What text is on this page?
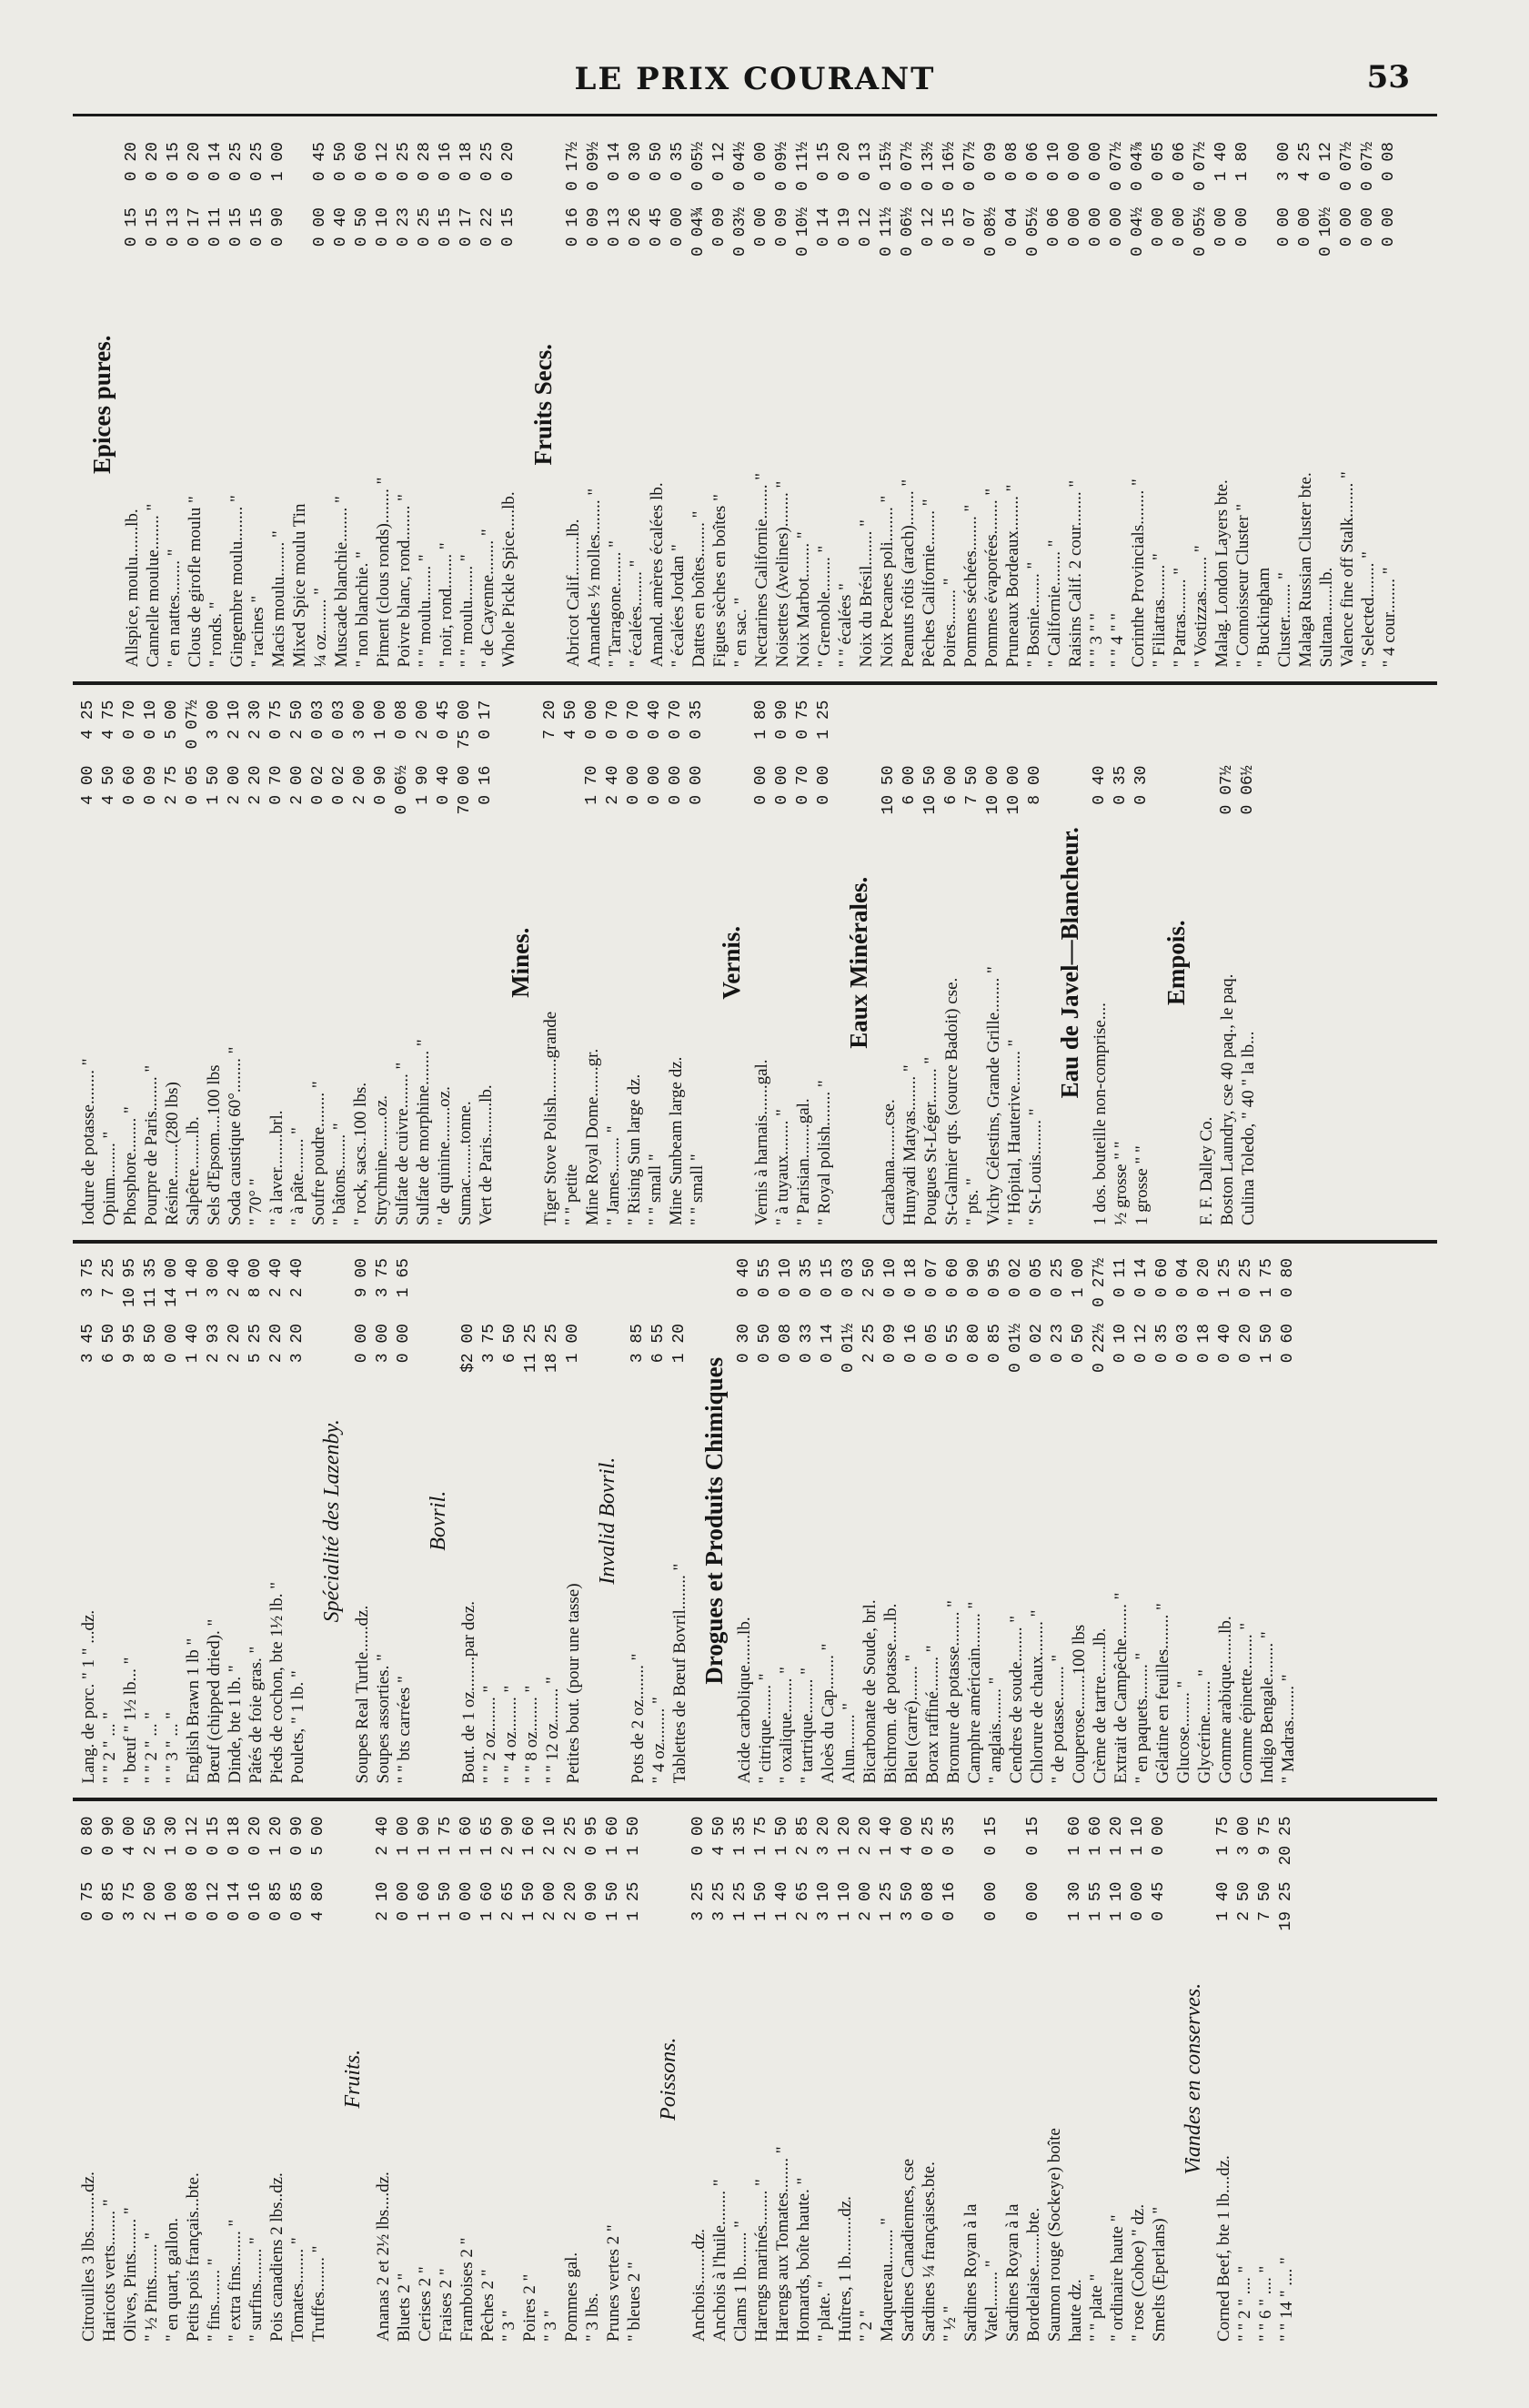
LE PRIX COURANT	53
Citrouilles 3 lbs.........dz.
0 75
0 80
Haricots verts........ "
0 85
0 90
Olives, Pints........ "
3 75
4 00
" ½ Pints........ "
2 00
2 50
" en quart, gallon.
1 00
1 30
Petits pois français...bte.
0 08
0 12
" fins........ "
0 12
0 15
" extra fins........ "
0 14
0 18
" surfins........ "
0 16
0 20
Pois canadiens 2 lbs..dz.
0 85
1 20
Tomates........ "
0 85
0 90
Truffes........ "
4 80
5 00
Fruits.
Ananas 2 et 2½ lbs....dz.
2 10
2 40
Bluets 2 "
0 00
1 00
Cerises 2 "
1 60
1 90
Fraises 2 "
1 50
1 75
Framboises 2 "
0 00
1 60
Pêches 2 "
1 60
1 65
" 3 "
2 65
2 90
Poires 2 "
1 50
1 60
" 3 "
2 00
2 10
Pommes gal.
2 20
2 25
" 3 lbs.
0 90
0 95
Prunes vertes 2 "
1 50
1 60
" bleues 2 "
1 25
1 50
Poissons.
Anchois........dz.
3 25
0 00
Anchois à l'huile........ "
3 25
4 50
Clams 1 lb........ "
1 25
1 35
Harengs marinés........ "
1 50
1 75
Harengs aux Tomates........ "
1 40
1 50
Homards, boîte haute. "
2 65
2 85
" plate. "
3 10
3 20
Huîtres, 1 lb.........dz.
1 10
1 20
" 2 "
2 00
2 20
Maquereau........ "
1 25
1 40
Sardines Canadiennes, cse
3 50
4 00
Sardines ¼ françaises.bte.
0 08
0 25
" ½ "
0 16
0 35
Sardines Royan à la Vatel........ "
0 00
0 15
Sardines Royan à la Bordelaise........bte.
0 00
0 15
Saumon rouge (Sockeye) boîte haute dz.
1 30
1 60
" " plate "
1 55
1 60
" ordinaire haute "
1 10
1 20
" rose (Cohoe) " dz.
0 00
1 10
Smelts (Eperlans) "
0 45
0 00
Viandes en conserves.
Corned Beef, bte 1 lb....dz.
1 40
1 75
" " 2 " .... "
2 50
3 00
" " 6 " .... "
7 50
9 75
" " 14 " .... "
19 25
20 25
Lang. de porc. " 1 " ...dz.
3 45
3 75
" " 2 " ... "
6 50
7 25
" bœuf " 1½ lb... "
9 95
10 95
" " 2 " ... "
8 50
11 35
" " 3 " ... "
0 00
14 00
English Brawn 1 lb "
1 40
1 40
Bœuf (chipped dried). "
2 93
3 00
Dinde, bte 1 lb. "
2 20
2 40
Pâtés de foie gras. "
5 25
8 00
Pieds de cochon, bte 1½ lb. "
2 20
2 40
Poulets, " 1 lb. "
3 20
2 40
Spécialité des Lazenby.
Soupes Real Turtle......dz.
0 00
9 00
Soupes assorties. "
3 00
3 75
" " bts carrées "
0 00
1 65
Bovril.
Bout. de 1 oz........par doz.
$2 00
" " 2 oz........ "
3 75
" " 4 oz........ "
6 50
" " 8 oz........ "
11 25
" " 12 oz........ "
18 25
Petites bout. (pour une tasse)
1 00
Invalid Bovril.
Pots de 2 oz........ "
3 85
" 4 oz........ "
6 55
Tablettes de Bœuf Bovril........ "
1 20
Drogues et Produits Chimiques
Acide carbolique.......lb.
0 30
0 40
" citrique........ "
0 50
0 55
" oxalique........ "
0 08
0 10
" tartrique........ "
0 33
0 35
Aloès du Cap........ "
0 14
0 15
Alun........ "
0 01½
0 03
Bicarbonate de Soude, brl.
2 25
2 50
Bichrom. de potasse.....lb.
0 09
0 10
Bleu (carré)........ "
0 16
0 18
Borax raffiné........ "
0 05
0 07
Bromure de potasse........ "
0 55
0 60
Camphre américain........ "
0 80
0 90
" anglais........ "
0 85
0 95
Cendres de soude........ "
0 01½
0 02
Chlorure de chaux........ "
0 02
0 05
" de potasse........ "
0 23
0 25
Couperose........100 lbs
0 50
1 00
Crème de tartre.......lb.
0 22½
0 27½
Extrait de Campêche........ "
0 10
0 11
" en paquets........ "
0 12
0 14
Gélatine en feuilles........ "
0 35
0 60
Glucose........ "
0 03
0 04
Glycérine........ "
0 18
0 20
Gomme arabique.......lb.
0 40
1 25
Gomme épinette........ "
0 20
0 25
Indigo Bengale........ "
1 50
1 75
" Madras........ "
0 60
0 80
Iodure de potasse........ "
4 00
4 25
Opium........ "
4 50
4 75
Phosphore........ "
0 60
0 70
Pourpre de Paris........ "
0 09
0 10
Résine........(280 lbs)
2 75
5 00
Salpêtre........lb.
0 05
0 07½
Sels d'Epsom....100 lbs
1 50
3 00
Soda caustique 60°........ "
2 00
2 10
" 70° "
2 20
2 30
" à laver........brl.
0 70
0 75
" à pâte........ "
2 00
2 50
Soufre poudre........ "
0 02
0 03
" bâtons........ "
0 02
0 03
" rock, sacs..100 lbs.
2 00
3 00
Strychnine........oz.
0 90
1 00
Sulfate de cuivre........ "
0 06½
0 08
Sulfate de morphine........ "
1 90
2 00
" de quinine........oz.
0 40
0 45
Sumac........tonne.
70 00
75 00
Vert de Paris........lb.
0 16
0 17
Mines.
Tiger Stove Polish.........grande
7 20
" " petite
4 50
Mine Royal Dome.......gr.
1 70
0 00
" James........ "
2 40
0 70
" Rising Sun large dz.
0 00
0 70
" " small "
0 00
0 40
Mine Sunbeam large dz.
0 00
0 70
" " small "
0 00
0 35
Vernis.
Vernis à harnais.......gal.
0 00
1 80
" à tuyaux........ "
0 00
0 90
" Parisian........gal.
0 70
0 75
" Royal polish........ "
0 00
1 25
Eaux Minérales.
Carabana........cse.
10 50
Hunyadi Matyas........ "
6 00
Pougues St-Léger........ "
10 50
St-Galmier qts. (source Badoit) cse.
6 00
" pts. "
7 50
Vichy Célestins, Grande Grille........ "
10 00
" Hôpital, Hauterive........ "
10 00
" St-Louis........ "
8 00
Eau de Javel—Blancheur.
1 dos. bouteille non-comprise....
0 40
½ grosse " "
0 35
1 grosse " "
0 30
Empois.
F. F. Dalley Co. Boston Laundry, cse 40 paq., le paq.
0 07½
Culina Toledo, " 40 " la lb...
0 06½
Epices pures.
Allspice, moulu.......lb.
0 15
0 20
Cannelle moulue........ "
0 15
0 20
" en nattes........ "
0 13
0 15
Clous de girofle moulu "
0 17
0 20
" ronds. "
0 11
0 14
Gingembre moulu........ "
0 15
0 25
" racines "
0 15
0 25
Macis moulu........ "
0 90
1 00
Mixed Spice moulu Tin ¼ oz........ "
0 00
0 45
Muscade blanchie........ "
0 40
0 50
" non blanchie. "
0 50
0 60
Piment (clous ronds)........ "
0 10
0 12
Poivre blanc, rond........ "
0 23
0 25
" " moulu........ "
0 25
0 28
" noir, rond........ "
0 15
0 16
" " moulu........ "
0 17
0 18
" de Cayenne........ "
0 22
0 25
Whole Pickle Spice.....lb.
0 15
0 20
Fruits Secs.
Abricot Calif.........lb.
0 16
0 17½
Amandes ½ molles........ "
0 09
0 09½
" Tarragone........ "
0 13
0 14
" écalées........ "
0 26
0 30
Amand. amères écalées lb.
0 45
0 50
" écalées Jordan "
0 00
0 35
Dattes en boîtes........ "
0 04¾
0 05½
Figues sèches en boîtes "
0 09
0 12
" en sac. "
0 03½
0 04½
Nectarines Californie........ "
0 00
0 00
Noisettes (Avelines)........ "
0 09
0 09½
Noix Marbot........ "
0 10½
0 11½
" Grenoble........ "
0 14
0 15
" " écalées "
0 19
0 20
Noix du Brésil........ "
0 12
0 13
Noix Pecanes poli........ "
0 11½
0 15½
Peanuts rôtis (arach)........ "
0 06½
0 07½
Pêches Californie........ "
0 12
0 13½
Poires........ "
0 15
0 16½
Pommes séchées........ "
0 07
0 07½
Pommes évaporées........ "
0 08½
0 09
Pruneaux Bordeaux........ "
0 04
0 08
" Bosnie........ "
0 05½
0 06
" Californie........ "
0 06
0 10
Raisins Calif. 2 cour........ "
0 00
0 00
" " 3 " "
0 00
0 00
" " 4 " "
0 00
0 07½
Corinthe Provincials........ "
0 04½
0 04⅞
" Filiatras........ "
0 00
0 05
" Patras........ "
0 00
0 06
" Vostizzas........ "
0 05½
0 07½
Malag. London Layers bte.
0 00
1 40
" Connoisseur Cluster "
0 00
1 80
" Buckingham Cluster........ "
0 00
3 00
Malaga Russian Cluster bte.
0 00
4 25
Sultana.......lb.
0 10½
0 12
Valence fine off Stalk........ "
0 00
0 07½
" Selected........ "
0 00
0 07½
" 4 cour........ "
0 00
0 08
